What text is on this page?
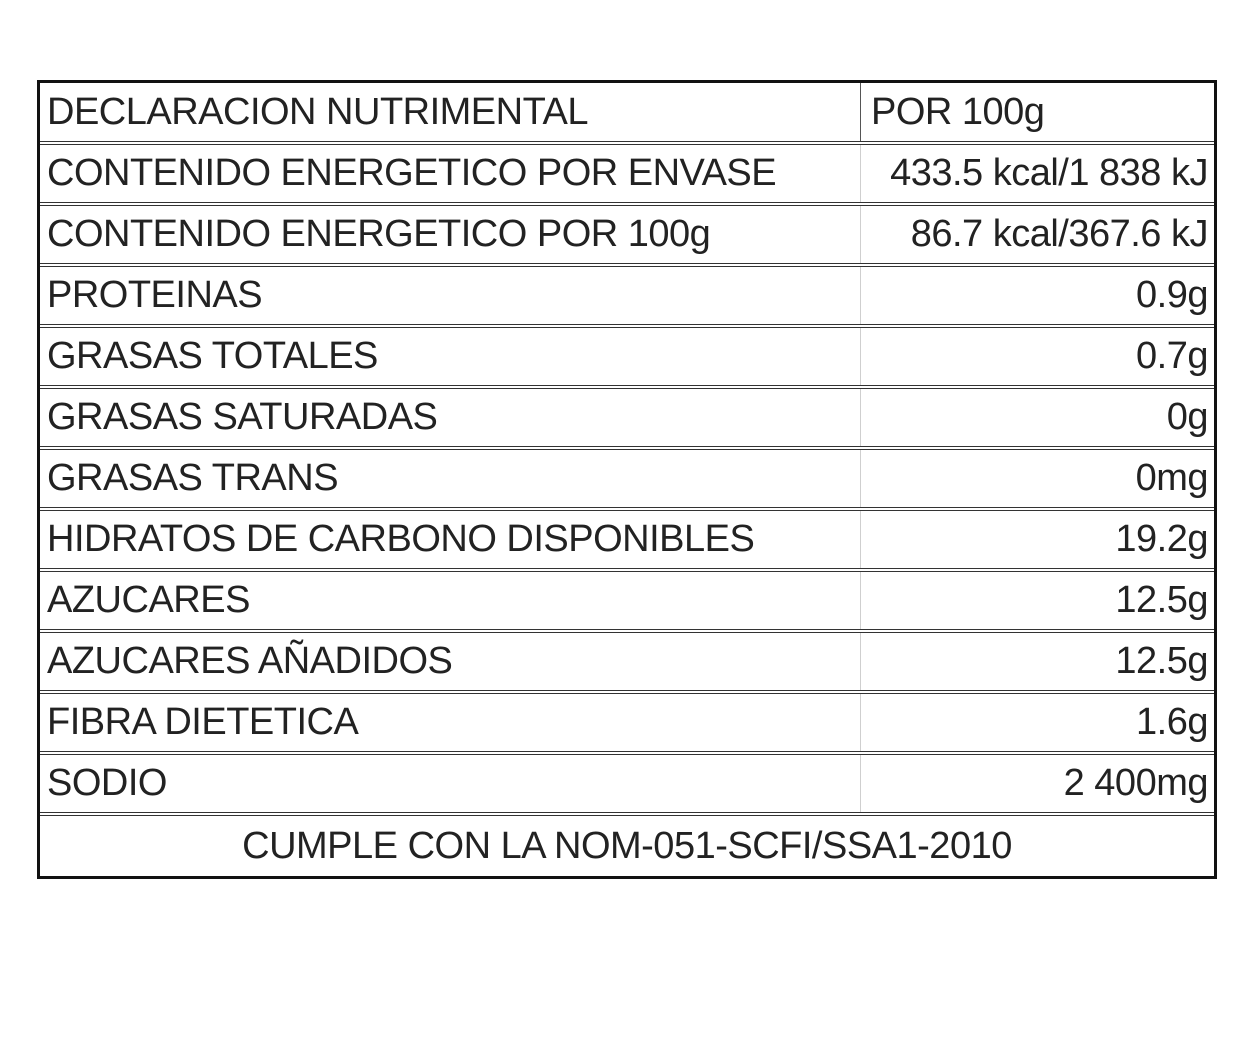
DECLARACION NUTRIMENTAL	POR 100g
CONTENIDO ENERGETICO POR ENVASE	433.5 kcal/1 838 kJ
CONTENIDO ENERGETICO POR 100g	86.7 kcal/367.6 kJ
PROTEINAS	0.9g
GRASAS TOTALES	0.7g
GRASAS SATURADAS	0g
GRASAS TRANS	0mg
HIDRATOS DE CARBONO DISPONIBLES	19.2g
AZUCARES	12.5g
AZUCARES AÑADIDOS	12.5g
FIBRA DIETETICA	1.6g
SODIO	2 400mg
CUMPLE CON LA NOM-051-SCFI/SSA1-2010
